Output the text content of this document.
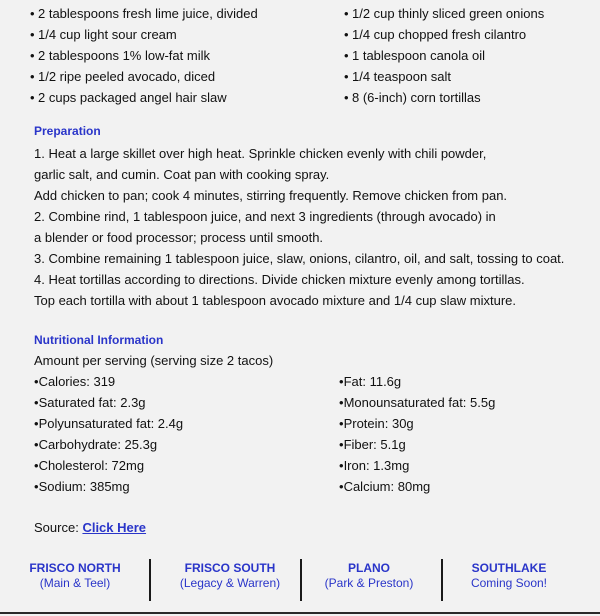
• 2 tablespoons fresh lime juice, divided
• 1/4 cup light sour cream
• 2 tablespoons 1% low-fat milk
• 1/2 ripe peeled avocado, diced
• 2 cups packaged angel hair slaw
• 1/2 cup thinly sliced green onions
• 1/4 cup chopped fresh cilantro
• 1 tablespoon canola oil
• 1/4 teaspoon salt
• 8 (6-inch) corn tortillas
Preparation
1. Heat a large skillet over high heat. Sprinkle chicken evenly with chili powder,
garlic salt, and cumin. Coat pan with cooking spray.
Add chicken to pan; cook 4 minutes, stirring frequently. Remove chicken from pan.
2. Combine rind, 1 tablespoon juice, and next 3 ingredients (through avocado) in
a blender or food processor; process until smooth.
3. Combine remaining 1 tablespoon juice, slaw, onions, cilantro, oil, and salt, tossing to coat.
4. Heat tortillas according to directions. Divide chicken mixture evenly among tortillas.
Top each tortilla with about 1 tablespoon avocado mixture and 1/4 cup slaw mixture.
Nutritional Information
Amount per serving (serving size 2 tacos)
•Calories: 319
•Saturated fat: 2.3g
•Polyunsaturated fat: 2.4g
•Carbohydrate: 25.3g
•Cholesterol: 72mg
•Sodium: 385mg
•Fat: 11.6g
•Monounsaturated fat: 5.5g
•Protein: 30g
•Fiber: 5.1g
•Iron: 1.3mg
•Calcium: 80mg
Source: Click Here
FRISCO NORTH
(Main & Teel)
FRISCO SOUTH
(Legacy & Warren)
PLANO
(Park & Preston)
SOUTHLAKE
Coming Soon!
